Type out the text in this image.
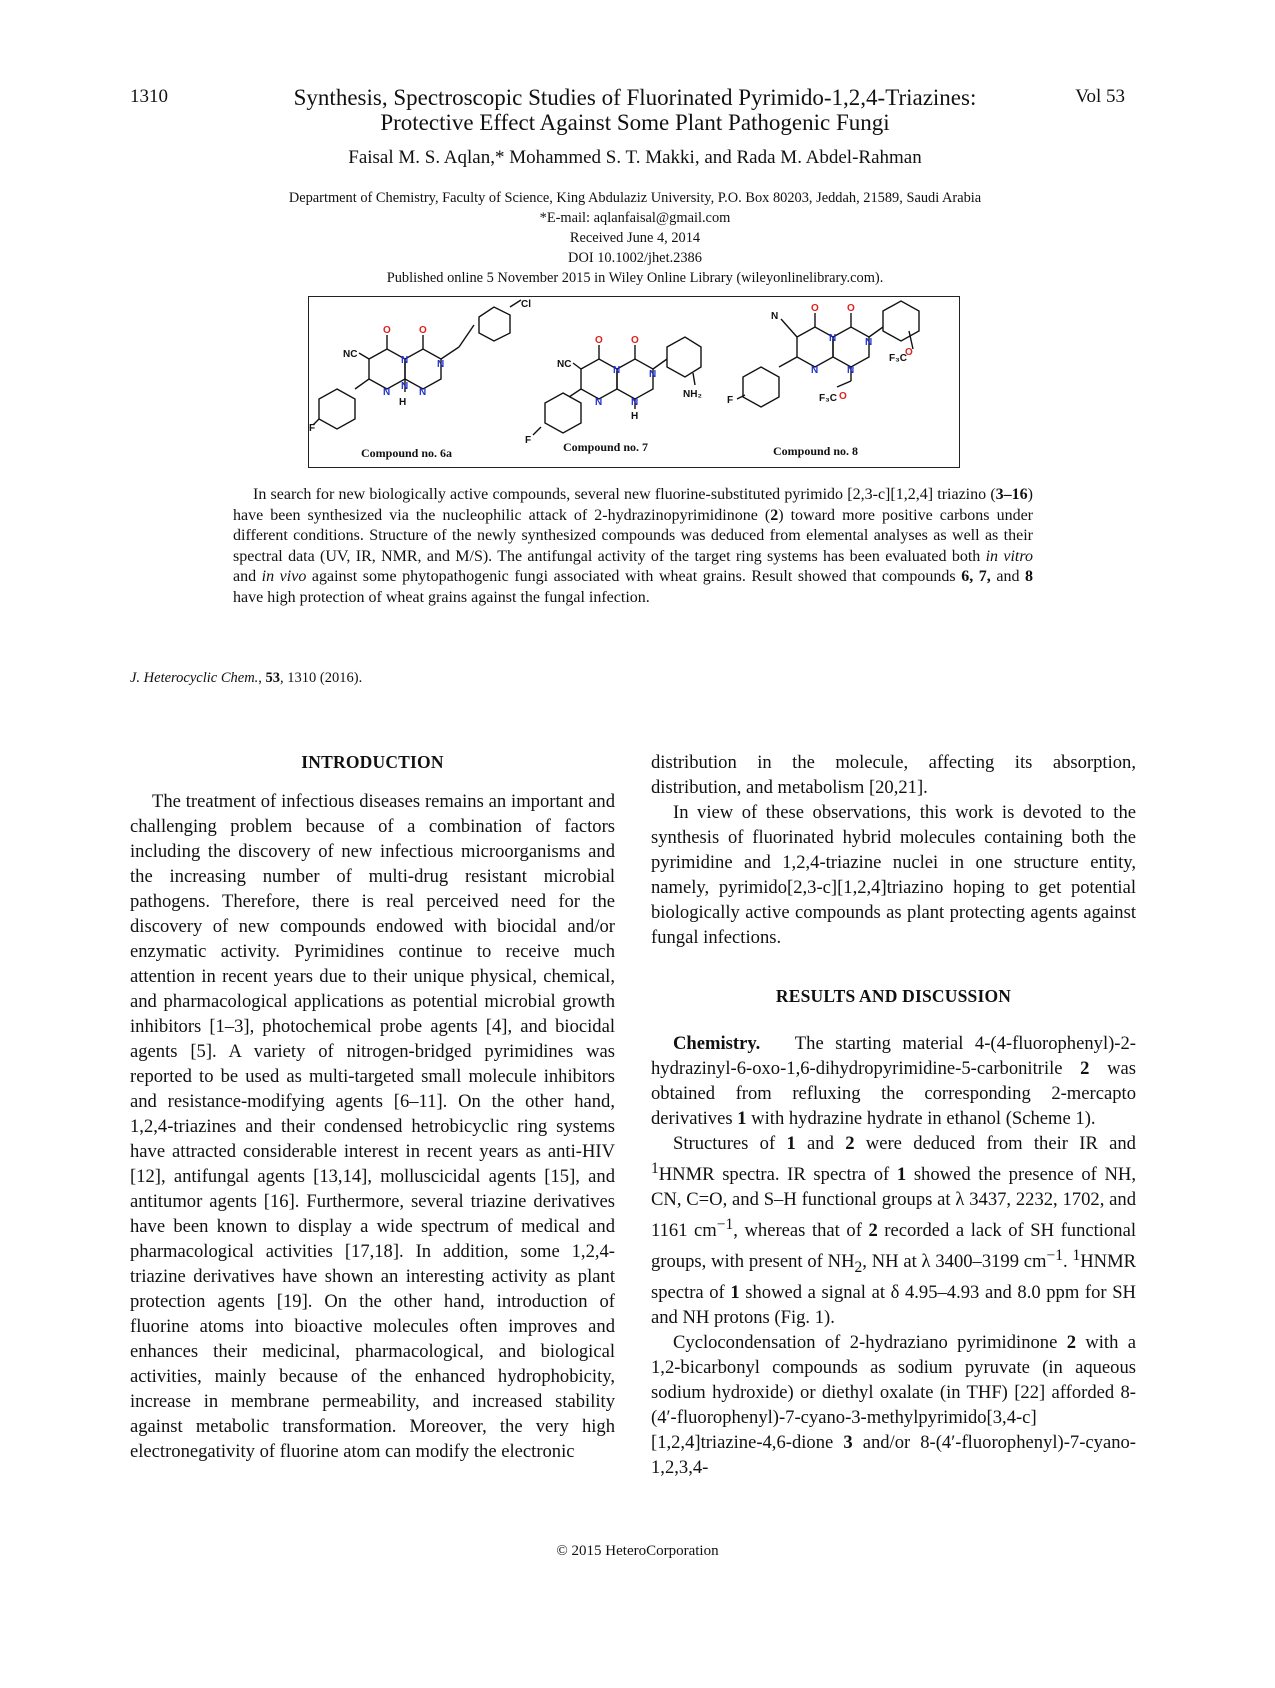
1310	Synthesis, Spectroscopic Studies of Fluorinated Pyrimido-1,2,4-Triazines:
Protective Effect Against Some Plant Pathogenic Fungi
Vol 53
Faisal M. S. Aqlan,* Mohammed S. T. Makki, and Rada M. Abdel-Rahman
Department of Chemistry, Faculty of Science, King Abdulaziz University, P.O. Box 80203, Jeddah, 21589, Saudi Arabia
*E-mail: aqlanfaisal@gmail.com
Received June 4, 2014
DOI 10.1002/jhet.2386
Published online 5 November 2015 in Wiley Online Library (wileyonlinelibrary.com).
O	O
O	O
O	O
O
O
N
N
N
N
N
N
N
N
N
N
N
N
N
NC
H
F
Cl
NC
H
F
NH₂
N
F
F₃C
F₃C
Compound no. 6a	Compound no. 7	Compound no. 8

In search for new biologically active compounds, several new fluorine-substituted pyrimido [2,3-c][1,2,4] triazino (3–16) have been synthesized via the nucleophilic attack of 2-hydrazinopyrimidinone (2) toward more positive carbons under different conditions. Structure of the newly synthesized compounds was deduced from elemental analyses as well as their spectral data (UV, IR, NMR, and M/S). The antifungal activity of the target ring systems has been evaluated both in vitro and in vivo against some phytopathogenic fungi associated with wheat grains. Result showed that compounds 6, 7, and 8 have high protection of wheat grains against the fungal infection.

J. Heterocyclic Chem., 53, 1310 (2016).
INTRODUCTION

The treatment of infectious diseases remains an important and challenging problem because of a combination of factors including the discovery of new infectious microorganisms and the increasing number of multi-drug resistant microbial pathogens. Therefore, there is real perceived need for the discovery of new compounds endowed with biocidal and/or enzymatic activity. Pyrimidines continue to receive much attention in recent years due to their unique physical, chemical, and pharmacological applications as potential microbial growth inhibitors [1–3], photochemical probe agents [4], and biocidal agents [5]. A variety of nitrogen-bridged pyrimidines was reported to be used as multi-targeted small molecule inhibitors and resistance-modifying agents [6–11]. On the other hand, 1,2,4-triazines and their condensed hetrobicyclic ring systems have attracted considerable interest in recent years as anti-HIV [12], antifungal agents [13,14], molluscicidal agents [15], and antitumor agents [16]. Furthermore, several triazine derivatives have been known to display a wide spectrum of medical and pharmacological activities [17,18]. In addition, some 1,2,4-triazine derivatives have shown an interesting activity as plant protection agents [19]. On the other hand, introduction of fluorine atoms into bioactive molecules often improves and enhances their medicinal, pharmacological, and biological activities, mainly because of the enhanced hydrophobicity, increase in membrane permeability, and increased stability against metabolic transformation. Moreover, the very high electronegativity of fluorine atom can modify the electronic

distribution in the molecule, affecting its absorption, distribution, and metabolism [20,21].

In view of these observations, this work is devoted to the synthesis of fluorinated hybrid molecules containing both the pyrimidine and 1,2,4-triazine nuclei in one structure entity, namely, pyrimido[2,3-c][1,2,4]triazino hoping to get potential biologically active compounds as plant protecting agents against fungal infections.

RESULTS AND DISCUSSION

Chemistry. The starting material 4-(4-fluorophenyl)-2-hydrazinyl-6-oxo-1,6-dihydropyrimidine-5-carbonitrile 2 was obtained from refluxing the corresponding 2-mercapto derivatives 1 with hydrazine hydrate in ethanol (Scheme 1).

Structures of 1 and 2 were deduced from their IR and $^1$HNMR spectra. IR spectra of 1 showed the presence of NH, CN, C=O, and S–H functional groups at λ 3437, 2232, 1702, and 1161 $cm^{-1}$, whereas that of 2 recorded a lack of SH functional groups, with present of $NH_2$, NH at λ 3400–3199 $cm^{-1}$. $^1$HNMR spectra of 1 showed a signal at δ 4.95–4.93 and 8.0 ppm for SH and NH protons (Fig. 1).

Cyclocondensation of 2-hydraziano pyrimidinone 2 with a 1,2-bicarbonyl compounds as sodium pyruvate (in aqueous sodium hydroxide) or diethyl oxalate (in THF) [22] afforded 8-(4′-fluorophenyl)-7-cyano-3-methylpyrimido[3,4-c][1,2,4]triazine-4,6-dione 3 and/or 8-(4′-fluorophenyl)-7-cyano-1,2,3,4-

© 2015 HeteroCorporation
